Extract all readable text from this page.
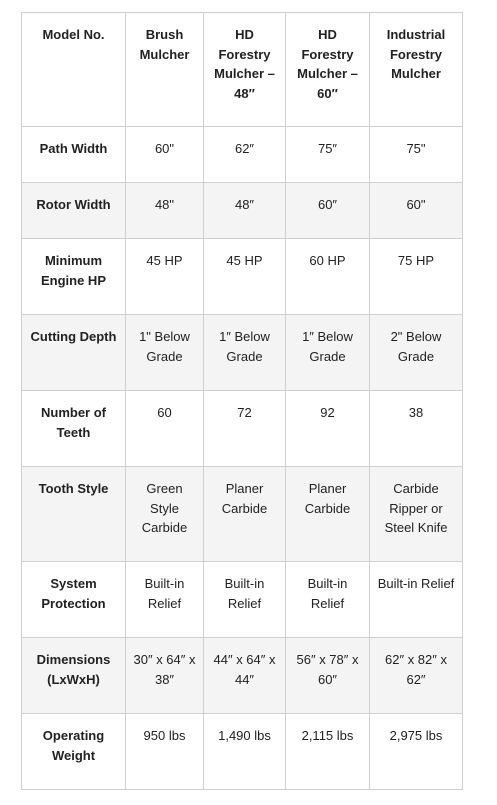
Model No.	Brush Mulcher	HD Forestry Mulcher – 48″	HD Forestry Mulcher – 60″	Industrial Forestry Mulcher
Path Width	60"	62″	75″	75"
Rotor Width	48"	48″	60″	60"
Minimum Engine HP	45 HP	45 HP	60 HP	75 HP
Cutting Depth	1" Below Grade	1″ Below Grade	1″ Below Grade	2" Below Grade
Number of Teeth	60	72	92	38
Tooth Style	Green Style Carbide	Planer Carbide	Planer Carbide	Carbide Ripper or Steel Knife
System Protection	Built-in Relief	Built-in Relief	Built-in Relief	Built-in Relief
Dimensions (LxWxH)	30″ x 64″ x 38″	44″ x 64″ x 44″	56″ x 78″ x 60″	62″ x 82″ x 62″
Operating Weight	950 lbs	1,490 lbs	2,115 lbs	2,975 lbs
